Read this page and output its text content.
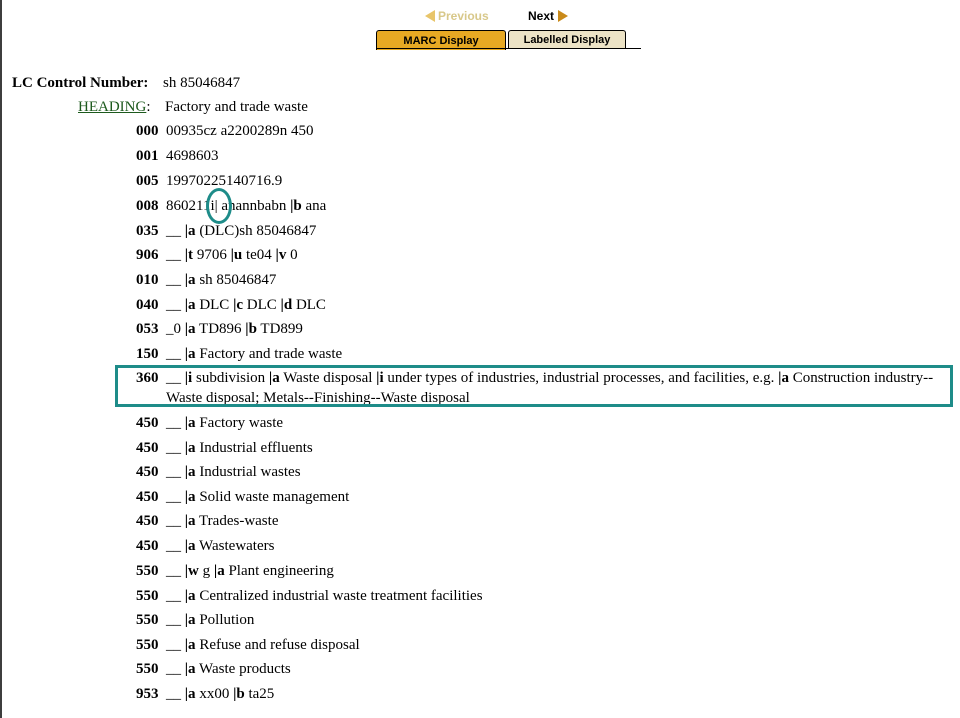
Previous	Next
MARC Display	Labelled Display
LC Control Number: sh 85046847
HEADING: Factory and trade waste
000 00935cz a2200289n 450
001 4698603
005 19970225140716.9
008 860211i| anannbabn |b ana
035 __ |a (DLC)sh 85046847
906 __ |t 9706 |u te04 |v 0
010 __ |a sh 85046847
040 __ |a DLC |c DLC |d DLC
053 _0 |a TD896 |b TD899
150 __ |a Factory and trade waste
360 __ |i subdivision |a Waste disposal |i under types of industries, industrial processes, and facilities, e.g. |a Construction industry--Waste disposal; Metals--Finishing--Waste disposal
450 __ |a Factory waste
450 __ |a Industrial effluents
450 __ |a Industrial wastes
450 __ |a Solid waste management
450 __ |a Trades-waste
450 __ |a Wastewaters
550 __ |w g |a Plant engineering
550 __ |a Centralized industrial waste treatment facilities
550 __ |a Pollution
550 __ |a Refuse and refuse disposal
550 __ |a Waste products
953 __ |a xx00 |b ta25
